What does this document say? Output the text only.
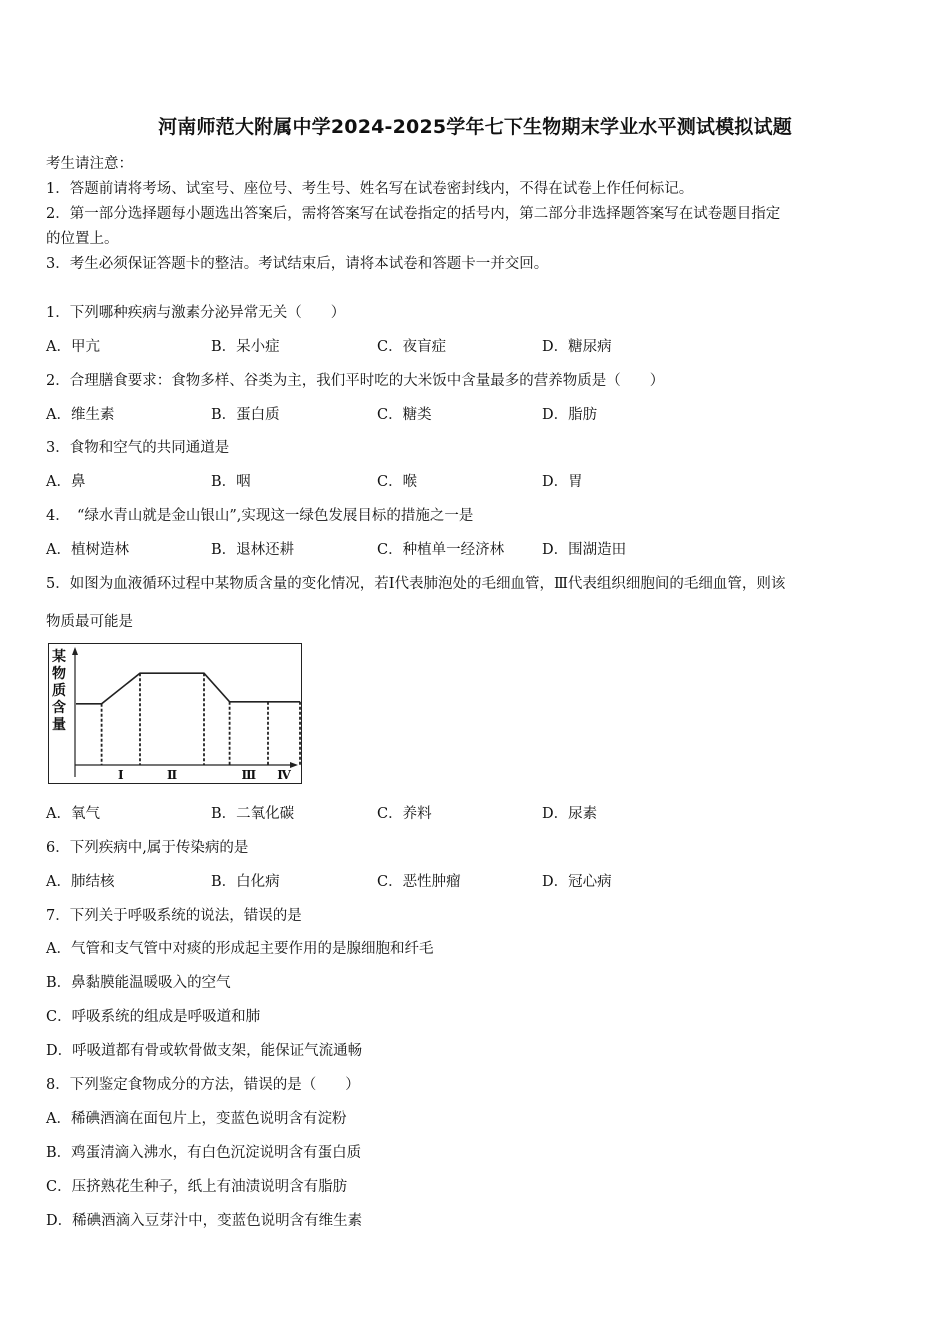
河南师范大附属中学2024-2025学年七下生物期末学业水平测试模拟试题
考生请注意：
1．答题前请将考场、试室号、座位号、考生号、姓名写在试卷密封线内，不得在试卷上作任何标记。
2．第一部分选择题每小题选出答案后，需将答案写在试卷指定的括号内，第二部分非选择题答案写在试卷题目指定
的位置上。
3．考生必须保证答题卡的整洁。考试结束后，请将本试卷和答题卡一并交回。
1．下列哪种疾病与激素分泌异常无关（　　）
A．甲亢	B．呆小症	C．夜盲症	D．糖尿病
2．合理膳食要求：食物多样、谷类为主，我们平时吃的大米饭中含量最多的营养物质是（　　）
A．维生素	B．蛋白质	C．糖类	D．脂肪
3．食物和空气的共同通道是
A．鼻	B．咽	C．喉	D．胃
4．　“绿水青山就是金山银山”,实现这一绿色发展目标的措施之一是
A．植树造林	B．退林还耕	C．种植单一经济林	D．围湖造田
5．如图为血液循环过程中某物质含量的变化情况，若Ⅰ代表肺泡处的毛细血管，Ⅲ代表组织细胞间的毛细血管，则该
物质最可能是
某
物
质
含
量
Ⅰ	Ⅱ	Ⅲ Ⅳ
A．氧气	B．二氧化碳	C．养料	D．尿素
6．下列疾病中,属于传染病的是
A．肺结核	B．白化病	C．恶性肿瘤	D．冠心病
7．下列关于呼吸系统的说法，错误的是
A．气管和支气管中对痰的形成起主要作用的是腺细胞和纤毛
B．鼻黏膜能温暖吸入的空气
C．呼吸系统的组成是呼吸道和肺
D．呼吸道都有骨或软骨做支架，能保证气流通畅
8．下列鉴定食物成分的方法，错误的是（　　）
A．稀碘酒滴在面包片上，变蓝色说明含有淀粉
B．鸡蛋清滴入沸水，有白色沉淀说明含有蛋白质
C．压挤熟花生种子，纸上有油渍说明含有脂肪
D．稀碘酒滴入豆芽汁中，变蓝色说明含有维生素
